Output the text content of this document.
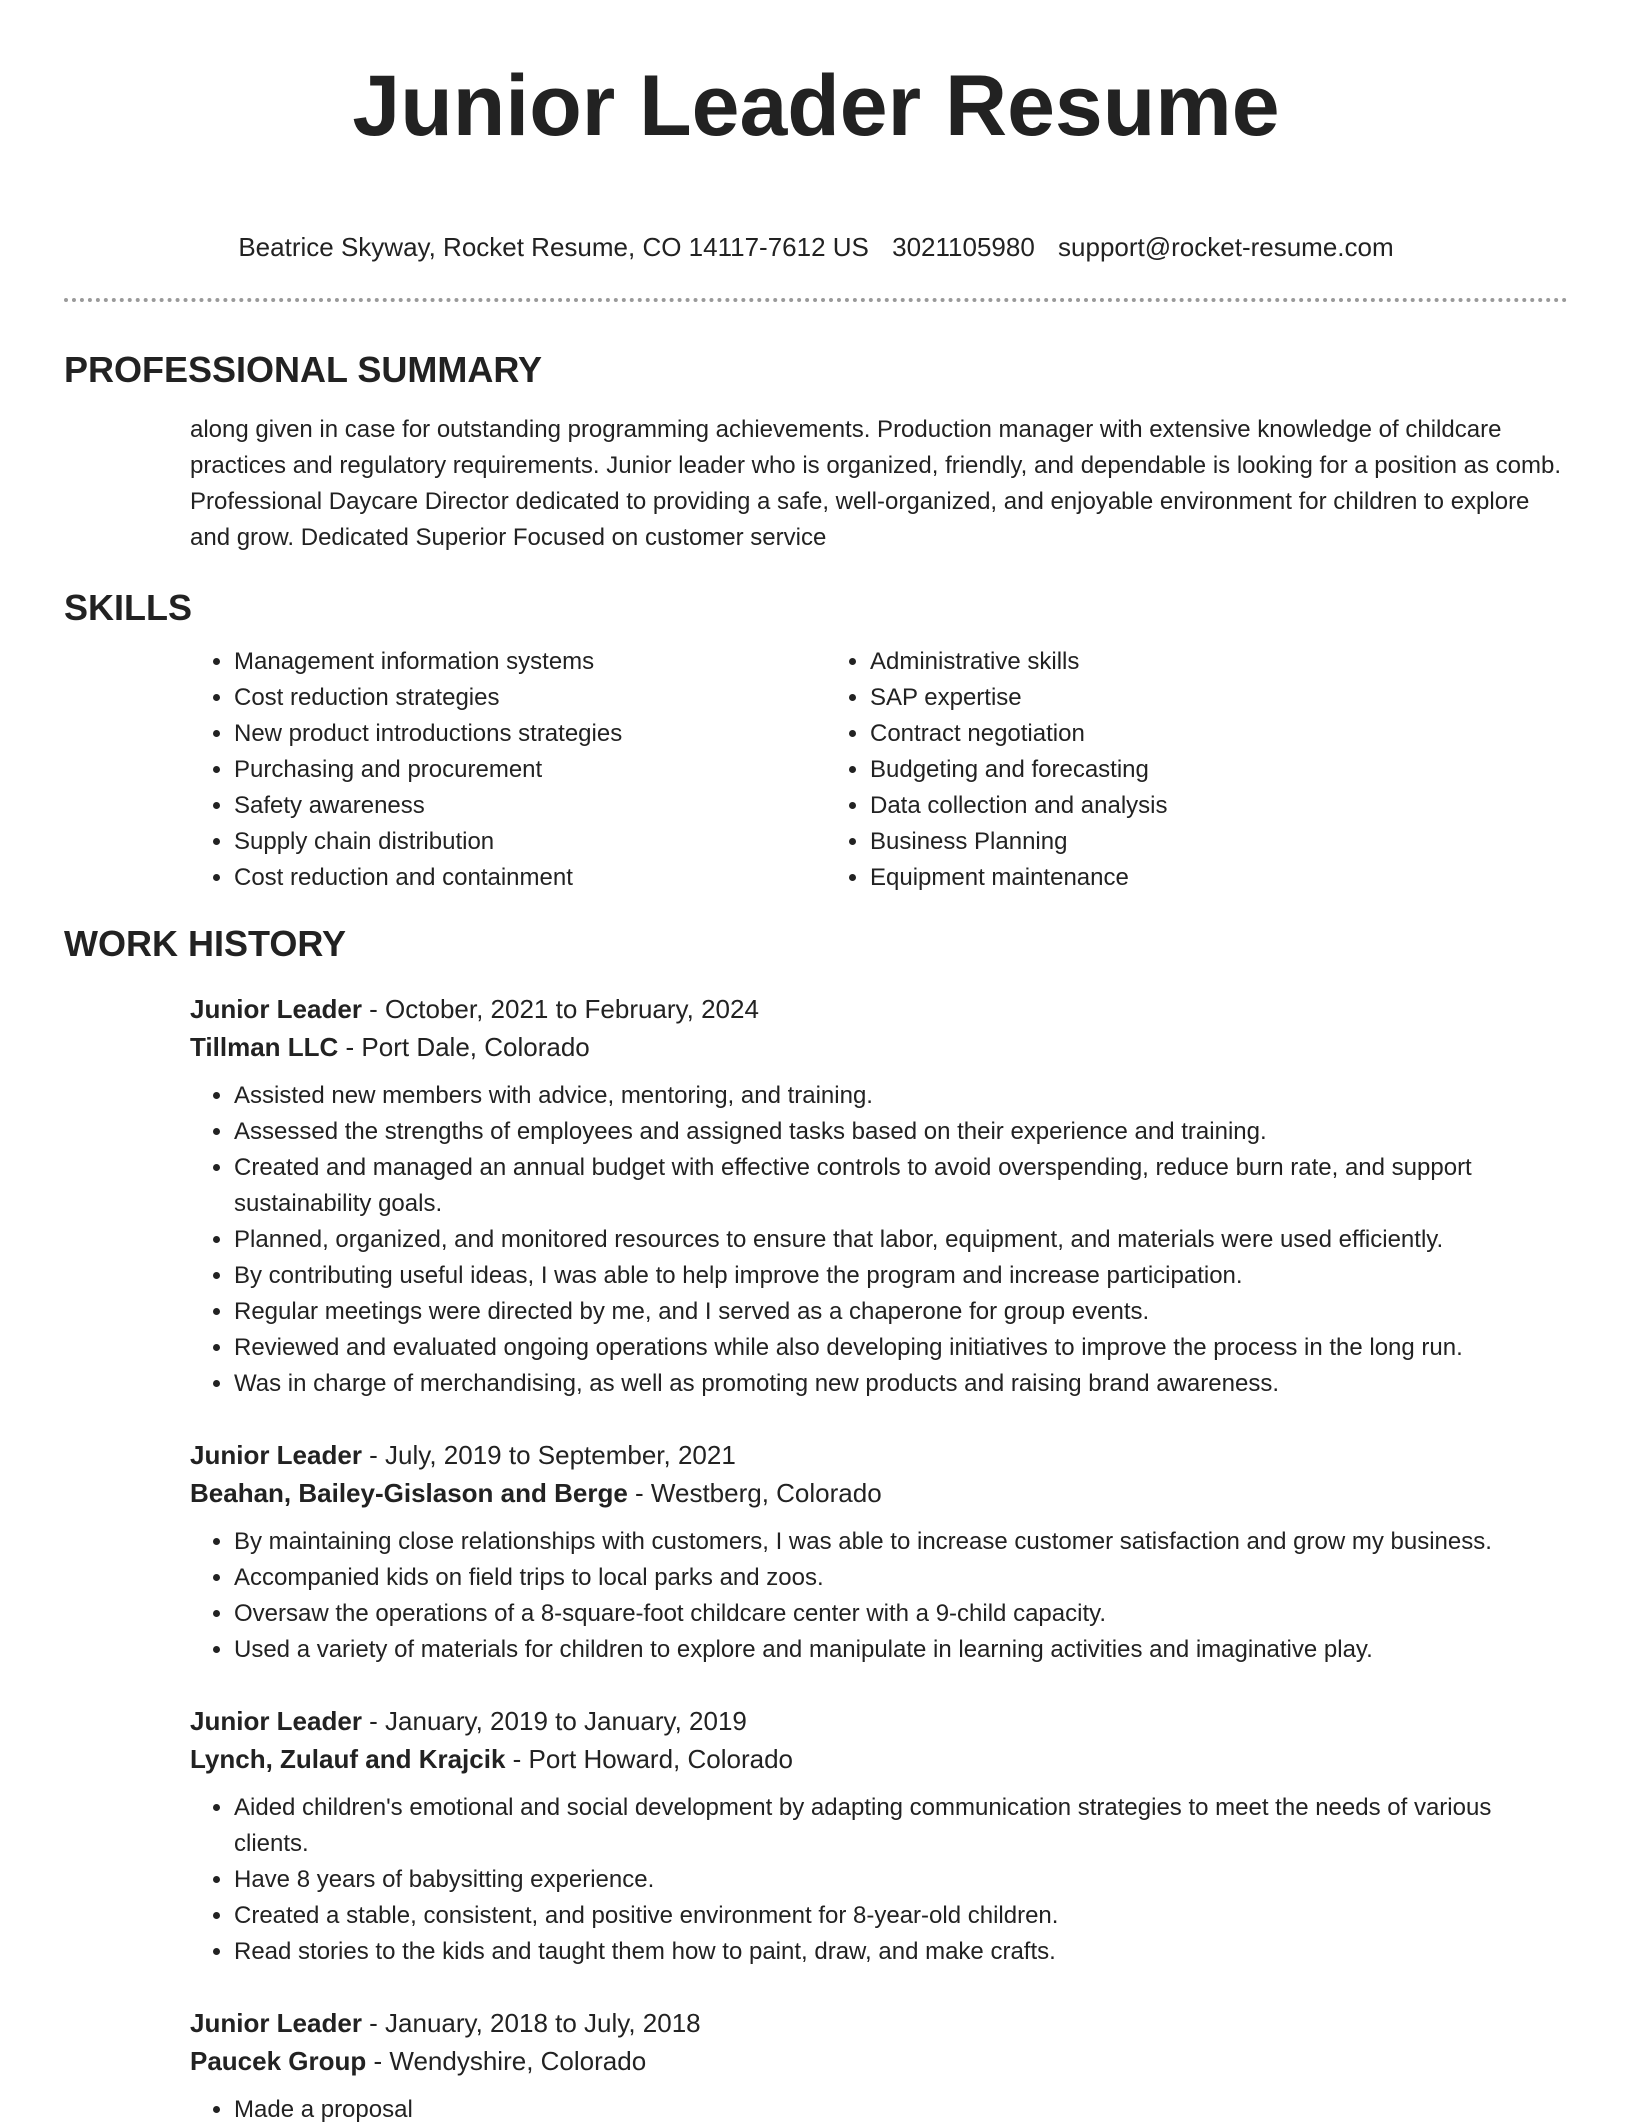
Junior Leader Resume
Beatrice Skyway, Rocket Resume, CO 14117-7612 US 3021105980 support@rocket-resume.com
PROFESSIONAL SUMMARY

along given in case for outstanding programming achievements. Production manager with extensive knowledge of childcare practices and regulatory requirements. Junior leader who is organized, friendly, and dependable is looking for a position as comb. Professional Daycare Director dedicated to providing a safe, well-organized, and enjoyable environment for children to explore and grow. Dedicated Superior Focused on customer service

SKILLS
• Management information systems
• Cost reduction strategies
• New product introductions strategies
• Purchasing and procurement
• Safety awareness
• Supply chain distribution
• Cost reduction and containment
• Administrative skills
• SAP expertise
• Contract negotiation
• Budgeting and forecasting
• Data collection and analysis
• Business Planning
• Equipment maintenance
WORK HISTORY
Junior Leader - October, 2021 to February, 2024
Tillman LLC - Port Dale, Colorado
• Assisted new members with advice, mentoring, and training.
• Assessed the strengths of employees and assigned tasks based on their experience and training.
• Created and managed an annual budget with effective controls to avoid overspending, reduce burn rate, and support sustainability goals.
• Planned, organized, and monitored resources to ensure that labor, equipment, and materials were used efficiently.
• By contributing useful ideas, I was able to help improve the program and increase participation.
• Regular meetings were directed by me, and I served as a chaperone for group events.
• Reviewed and evaluated ongoing operations while also developing initiatives to improve the process in the long run.
• Was in charge of merchandising, as well as promoting new products and raising brand awareness.
Junior Leader - July, 2019 to September, 2021
Beahan, Bailey-Gislason and Berge - Westberg, Colorado
• By maintaining close relationships with customers, I was able to increase customer satisfaction and grow my business.
• Accompanied kids on field trips to local parks and zoos.
• Oversaw the operations of a 8-square-foot childcare center with a 9-child capacity.
• Used a variety of materials for children to explore and manipulate in learning activities and imaginative play.
Junior Leader - January, 2019 to January, 2019
Lynch, Zulauf and Krajcik - Port Howard, Colorado
• Aided children's emotional and social development by adapting communication strategies to meet the needs of various clients.
• Have 8 years of babysitting experience.
• Created a stable, consistent, and positive environment for 8-year-old children.
• Read stories to the kids and taught them how to paint, draw, and make crafts.
Junior Leader - January, 2018 to July, 2018
Paucek Group - Wendyshire, Colorado
• Made a proposal
